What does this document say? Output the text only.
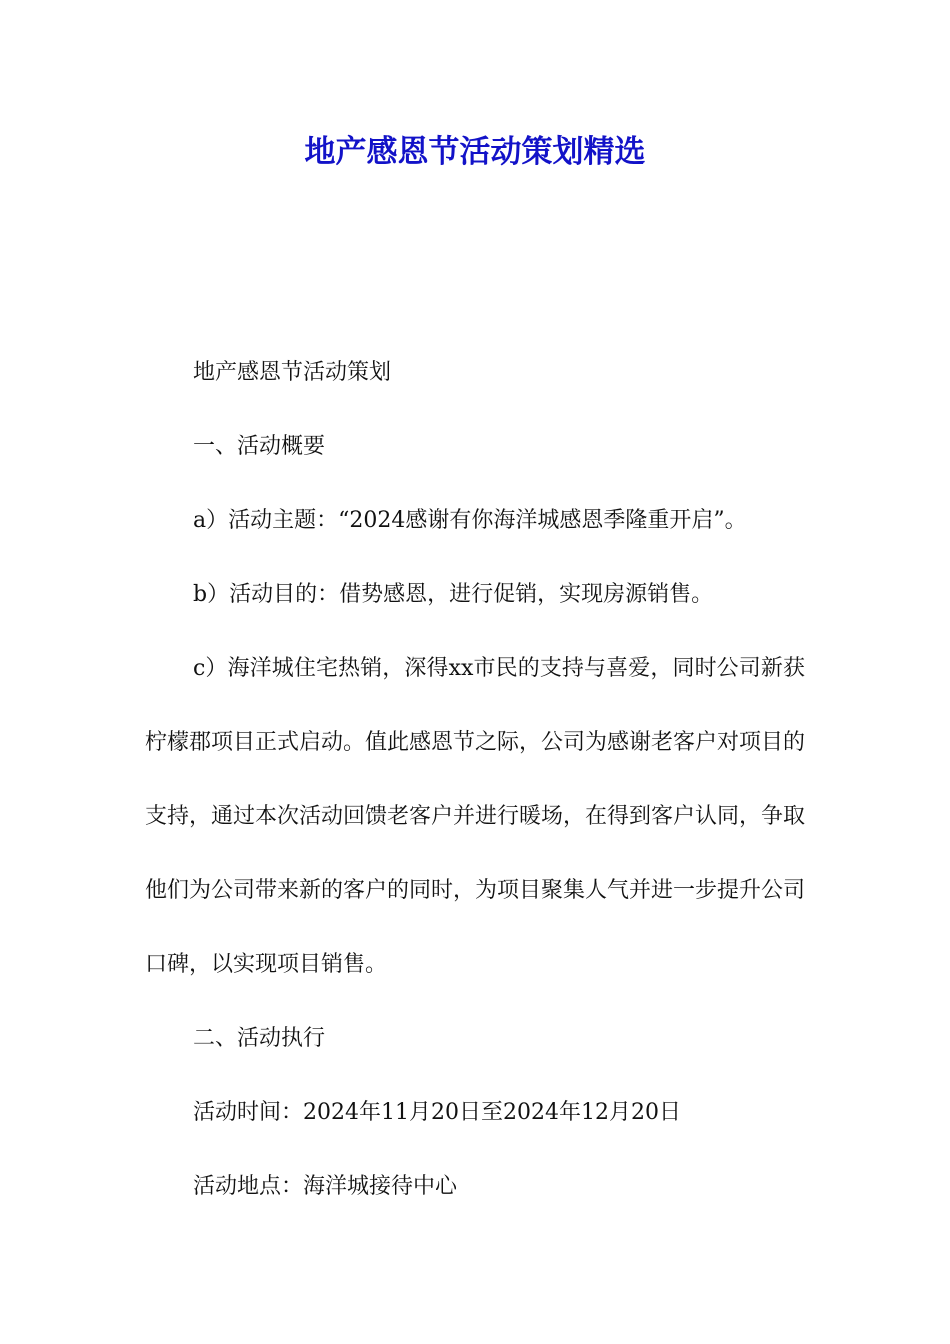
地产感恩节活动策划精选

地产感恩节活动策划

一、活动概要

a）活动主题：“2024感谢有你海洋城感恩季隆重开启”。

b）活动目的：借势感恩，进行促销，实现房源销售。

c）海洋城住宅热销，深得xx市民的支持与喜爱，同时公司新获柠檬郡项目正式启动。值此感恩节之际，公司为感谢老客户对项目的支持，通过本次活动回馈老客户并进行暖场，在得到客户认同，争取他们为公司带来新的客户的同时，为项目聚集人气并进一步提升公司口碑，以实现项目销售。

二、活动执行

活动时间：2024年11月20日至2024年12月20日

活动地点：海洋城接待中心
